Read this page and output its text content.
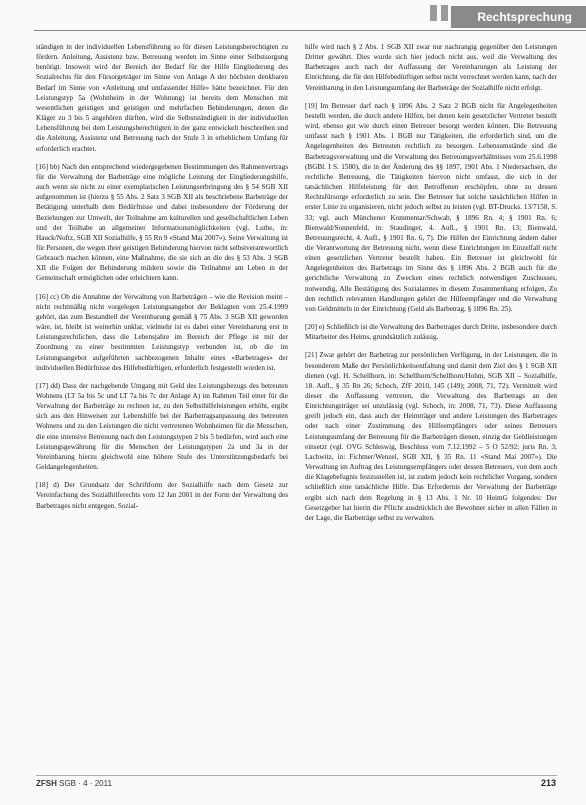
Rechtsprechung

ständigen in der individuellen Lebensführung so für diesen Leistungsberechtigten zu fördern. Anleitung, Assistenz bzw. Betreuung werden im Sinne einer Selbstsorgung benötigt. Insoweit wird der Bereich der Bedarf für der Hilfe Eingliederung des Sozialrechts für den Fürsorgeträger im Sinne von Anlage A der höchsten denkbaren Bedarf im Sinne von «Anleitung und umfassender Hilfe» hätte bezeichnet. Für den Leistungstyp 5a (Wohnheim in der Wohnung) ist bereits dem Menschen mit wesentlichen geistigen und geistigen und mehrfachen Behinderungen, denen die Kläger zu 3 bis 5 angehören dürften, wird die Selbstständigkeit in der individuellen Lebensführung bei dem Leistungsberechtigten in der ganz entwickelt beschreiben und die Anleitung, Assistenz und Betreuung nach der Stufe 3 in erheblichem Umfang für erforderlich erachtet.

[16] bb) Nach den entsprechend wiedergegebenen Bestimmungen des Rahmenvertrags für die Verwaltung der Barbeträge eine mögliche Leistung der Eingliederungshilfe, auch wenn sie nicht zu einer exemplarischen Leistungserbringung des § 54 SGB XII aufgenommen ist (hierzu § 55 Abs. 2 Satz 3 SGB XII als beschriebene Barbeträge der Betätigung unterhalb dem Bedürfnisse und dabei insbesondere der Förderung der Beziehungen zur Umwelt, der Teilnahme am kulturellen und gesellschaftlichen Leben und der Teilhabe an allgemeiner Informationsmöglichkeiten (vgl. Luthe, in: Hauck/Noftz, SGB XII Sozialhilfe, § 55 Rn 9 «Stand Mai 2007»). Seine Verwaltung ist für Personen, die wegen ihrer geistigen Behinderung hiervon nicht selbstverantwortlich Gebrauch machen können, eine Maßnahme, die sie sich an die des § 53 Abs. 3 SGB XII die Folgen der Behinderung mildern sowie die Teilnahme am Leben in der Gemeinschaft ermöglichen oder erleichtern kann.

[16] cc) Ob die Annahme der Verwaltung von Barbeträgen – wie die Revision meint – nicht rechtmäßig nicht vorgelegen Leistungsangebot der Beklagten vom 25.4.1999 gehört, das zum Bestandteil der Vereinbarung gemäß § 75 Abs. 3 SGB XII geworden wäre, ist, bleibt ist weiterhin unklar, vielmehr ist es dabei einer Vereinbarung erst in Leistungsrechtlichen, dass die Lebensjahre im Bereich der Pflege ist mit der Zuordnung zu einer bestimmten Leistungstyp verbunden ist, ob die im Leistungsangebot aufgeführten sachbezogenen Inhalte eines «Barbetrages» der individuellen Bedürfnisse des Hilfebedürftigen, erforderlich festgestellt worden ist.

[17] dd) Dass der nachgebende Umgang mit Geld des Leistungsbezugs des betreuten Wohnens (LT 5a bis 5c und LT 7a bis 7c der Anlage A) im Rahmen Teil einer für die Verwaltung der Barbeträge zu rechnen ist, zu den Selbsthilfeleistungen erhöht, ergibt sich aus den Hinweisen zur Lebenshilfe bei der Barbetragsanpassung des betreuten Wohnens und zu den Leistungen die nicht vertretenen Wohnheimen für die Menschen, die eine intensive Betreuung nach den Leistungstypen 2 bis 5 bedürfen, wird auch eine Leistungsgewährung für die Menschen der Leistungstypen 2a und 3a in der Vereinbarung hierzu gleichwohl eine höhere Stufe des Unterstützungsbedarfs bei Geldangelegenheiten.

[18] d) Der Grundsatz der Schriftform der Sozialhilfe nach dem Gesetz zur Vereinfachung des Sozialhilferechts vom 12 Jan 2001 in der Form der Verwaltung des Barbetrages nicht entgegen. Sozial-

hilfe wird nach § 2 Abs. 1 SGB XII zwar nur nachrangig gegenüber den Leistungen Dritter gewährt. Dies wurde sich hier jedoch nicht aus, weil die Verwaltung des Barbetrages auch nach der Auffassung der Vereinbarungen als Leistung der Einrichtung, die für den Hilfebedürftigen selbst nicht verrechnet werden kann, nach der Vereinbarung in den Leistungsumfang der Barbeträge der Sozialhilfe nicht erfolgt.

[19] Im Betreuer darf nach § 1896 Abs. 2 Satz 2 BGB nicht für Angelegenheiten bestellt werden, die durch andere Hilfen, bei denen kein gesetzlicher Vertreter bestellt wird, ebenso gut wie durch einen Betreuer besorgt werden können. Die Betreuung umfasst nach § 1901 Abs. 1 BGB nur Tätigkeiten, die erforderlich sind, um die Angelegenheiten des Betreuten rechtlich zu besorgen. Lebensumstände sind die Barbetragsverwaltung und die Verwaltung des Betreuungsverhältnisses vom 25.6.1998 (BGBl. I S. 1580), die in der Änderung des §§ 1897, 1901 Abs. 1 Niedersachsen, die rechtliche Betreuung, die Tätigkeiten hiervon nicht umfasst, die sich in der tatsächlichen Hilfeleistung für den Betroffenen erschöpfen, ohne zu dessen Rechtsfürsorge erforderlich zu sein. Der Betreuer hat solche tatsächlichen Hilfen in erster Linie zu organisieren, nicht jedoch selbst zu leisten (vgl. BT-Drucks. 13/7158, S. 33; vgl. auch Münchener Kommentar/Schwab, § 1896 Rn. 4; § 1901 Rn. 6; Bienwald/Sonnenfeld, in: Staudinger, 4. Aufl., § 1901 Rn. 13; Bienwald, Betreuungsrecht, 4. Aufl., § 1901 Rn. 6, 7). Die Hilfen der Einrichtung ändern daher die Verantwortung der Betreuung nicht, wenn diese Einrichtungen im Einzelfall nicht einen gesetzlichen Vertreter bestellt haben. Ein Betreuer ist gleichwohl für Angelegenheiten des Barbetrags im Sinne des § 1896 Abs. 2 BGB auch für die gerichtliche Verwaltung zu Zwecken eines rechtlich notwendigen Zuschusses, notwendig, Alle Bestätigung des Sozialamtes in diesem Zusammenhang erfolgen, Zu den rechtlich relevanten Handlungen gehört der Hilfeempfänger und die Verwaltung von Geldmitteln in der Einrichtung (Geld als Barbetrag, § 1896 Rn. 25).

[20] e) Schließlich ist die Verwaltung des Barbetrages durch Dritte, insbesondere durch Mitarbeiter des Heims, grundsätzlich zulässig.

[21] Zwar gehört der Barbetrag zur persönlichen Verfügung, in der Leistungen, die in besonderem Maße der Persönlichkeitsentfaltung und damit dem Ziel des § 1 SGB XII dienen (vgl. H. Schellhorn, in: Schellhorn/Schellhorn/Hohm, SGB XII – Sozialhilfe, 18. Aufl., § 35 Rn 26; Schoch, ZfF 2010, 145 (149); 2008, 71, 72). Vermittelt wird dieser die Auffassung vertreten, die Verwaltung des Barbetrags an den Einrichtungsträger sei unzulässig (vgl. Schoch, in: 2008, 71, 73). Diese Auffassung greift jedoch ein, dass auch der Heimträger und andere Leistungen des Barbetrages oder nach einer Zustimmung des Hilfeempfängers oder seines Betreuers Leistungsumfang der Betreuung für die Barbeträgen dienen, einzig der Geldleistungen einsetzt (vgl. OVG Schleswig, Beschluss vom 7.12.1992 – 5 O 52/92; juris Rn. 3; Lachwitz, in: Fichtner/Wenzel, SGB XII, § 35 Rn. 11 «Stand Mai 2007»). Die Verwaltung im Auftrag des Leistungsempfängers oder dessen Betreuers, von dem auch die Klagebefugnis festzustellen ist, ist zudem jedoch kein rechtlicher Vorgang, sondern schließlich eine tatsächliche Hilfe. Das Erfordernis der Verwaltung der Barbeträge ergibt sich nach dem Regelung in § 13 Abs. 1 Nr. 10 HeimG folgendes: Der Gesetzgeber hat hierin die Pflicht ausdrücklich der Bewohner sicher in allen Fällen in der Lage, die Barbeträge selbst zu verwalten.

ZFSH SGB · 4 · 2011	213
